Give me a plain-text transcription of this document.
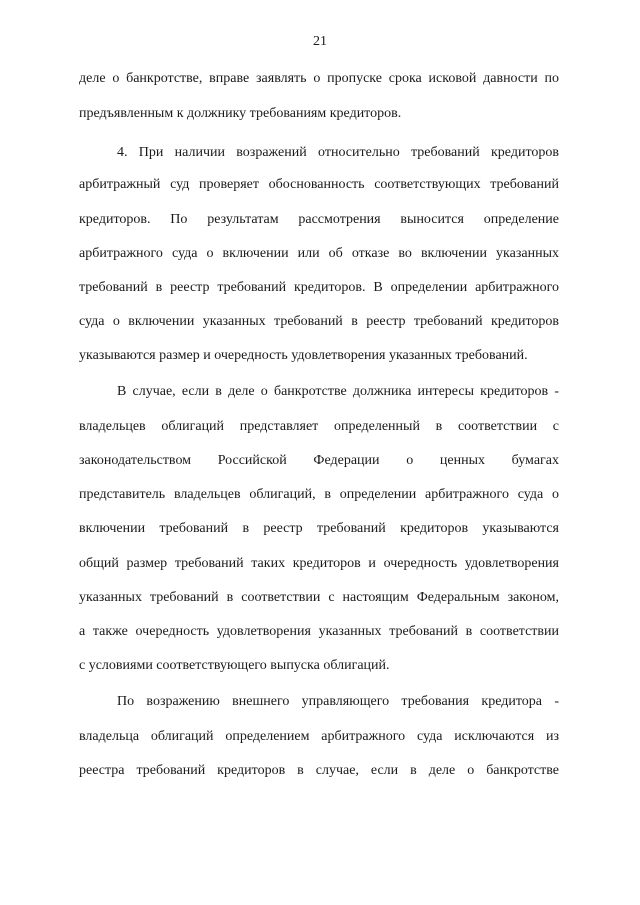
21
деле о банкротстве, вправе заявлять о пропуске срока исковой давности по
предъявленным к должнику требованиям кредиторов.
4. При наличии возражений относительно требований кредиторов
арбитражный суд проверяет обоснованность соответствующих требований
кредиторов. По результатам рассмотрения выносится определение
арбитражного суда о включении или об отказе во включении указанных
требований в реестр требований кредиторов. В определении арбитражного
суда о включении указанных требований в реестр требований кредиторов
указываются размер и очередность удовлетворения указанных требований.
В случае, если в деле о банкротстве должника интересы кредиторов -
владельцев облигаций представляет определенный в соответствии с
законодательством Российской Федерации о ценных бумагах
представитель владельцев облигаций, в определении арбитражного суда о
включении требований в реестр требований кредиторов указываются
общий размер требований таких кредиторов и очередность удовлетворения
указанных требований в соответствии с настоящим Федеральным законом,
а также очередность удовлетворения указанных требований в соответствии
с условиями соответствующего выпуска облигаций.
По возражению внешнего управляющего требования кредитора -
владельца облигаций определением арбитражного суда исключаются из
реестра требований кредиторов в случае, если в деле о банкротстве
